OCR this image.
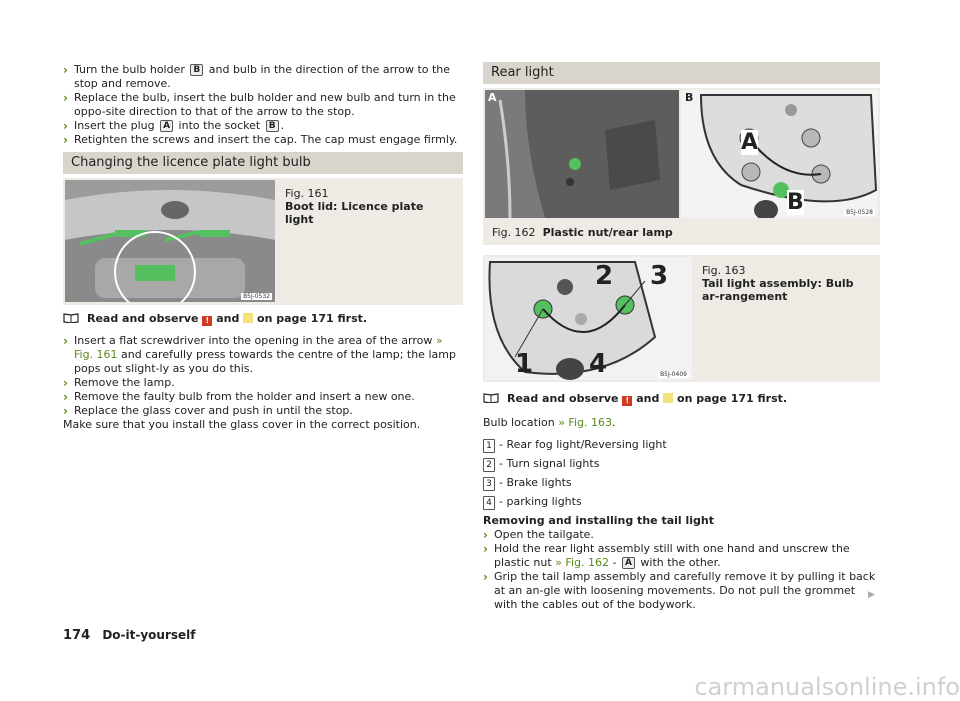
› Turn the bulb holder B and bulb in the direction of the arrow to the stop and remove.

› Replace the bulb, insert the bulb holder and new bulb and turn in the oppo-site direction to that of the arrow to the stop.

› Insert the plug A into the socket B .

› Retighten the screws and insert the cap. The cap must engage firmly.

Changing the licence plate light bulb
B5J-0532
Fig. 161
Boot lid: Licence plate light
Read and observe ! and on page 171 first.

› Insert a flat screwdriver into the opening in the area of the arrow » Fig. 161 and carefully press towards the centre of the lamp; the lamp pops out slight-ly as you do this.

› Remove the lamp.

› Remove the faulty bulb from the holder and insert a new one.

› Replace the glass cover and push in until the stop.

Make sure that you install the glass cover in the correct position.

Rear light
A	B
A
B	B5J-0528
Fig. 162 Plastic nut/rear lamp
2 3
1 4	B5J-0409
Fig. 163
Tail light assembly: Bulb ar-rangement
Read and observe ! and on page 171 first.
Bulb location » Fig. 163.
1 - Rear fog light/Reversing light
2 - Turn signal lights
3 - Brake lights
4 - parking lights
Removing and installing the tail light

› Open the tailgate.

› Hold the rear light assembly still with one hand and unscrew the plastic nut » Fig. 162 - A with the other.

› Grip the tail lamp assembly and carefully remove it by pulling it back at an an-gle with loosening movements. Do not pull the grommet with the cables out of the bodywork.

▶
174 Do-it-yourself
carmanualsonline.info
